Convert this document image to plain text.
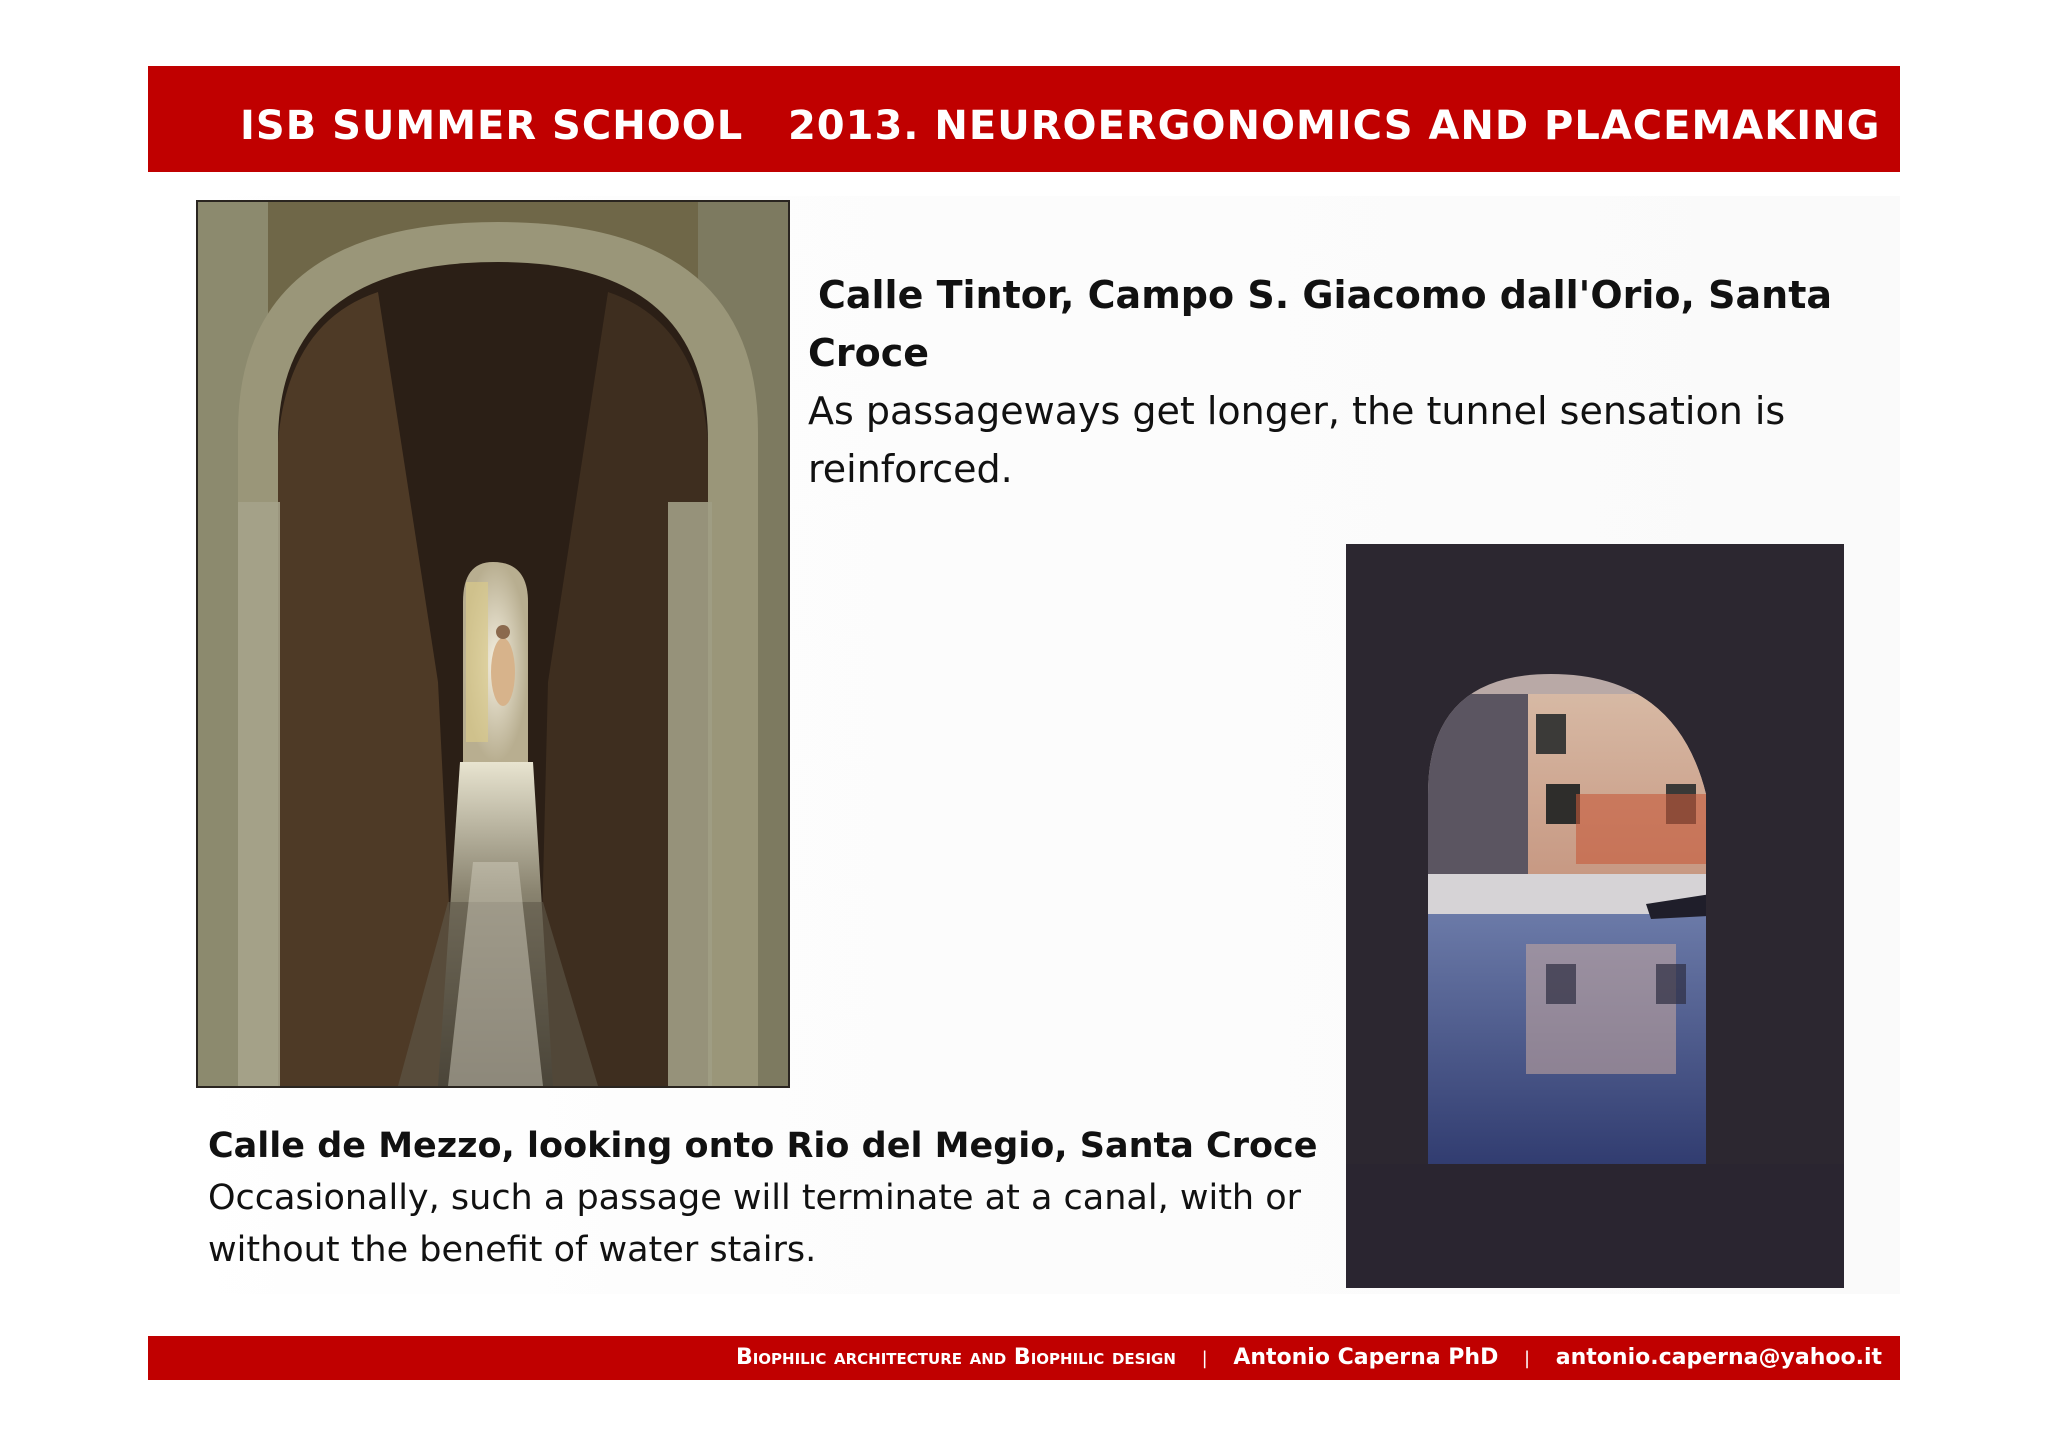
ISB SUMMER SCHOOL   2013. NEUROERGONOMICS AND PLACEMAKING
Calle Tintor, Campo S. Giacomo dall'Orio, Santa Croce
As passageways get longer, the tunnel sensation is reinforced.
Calle de Mezzo, looking onto Rio del Megio, Santa Croce
Occasionally, such a passage will terminate at a canal, with or without the benefit of water stairs.
Biophilic architecture and Biophilic design | Antonio Caperna PhD | antonio.caperna@yahoo.it
